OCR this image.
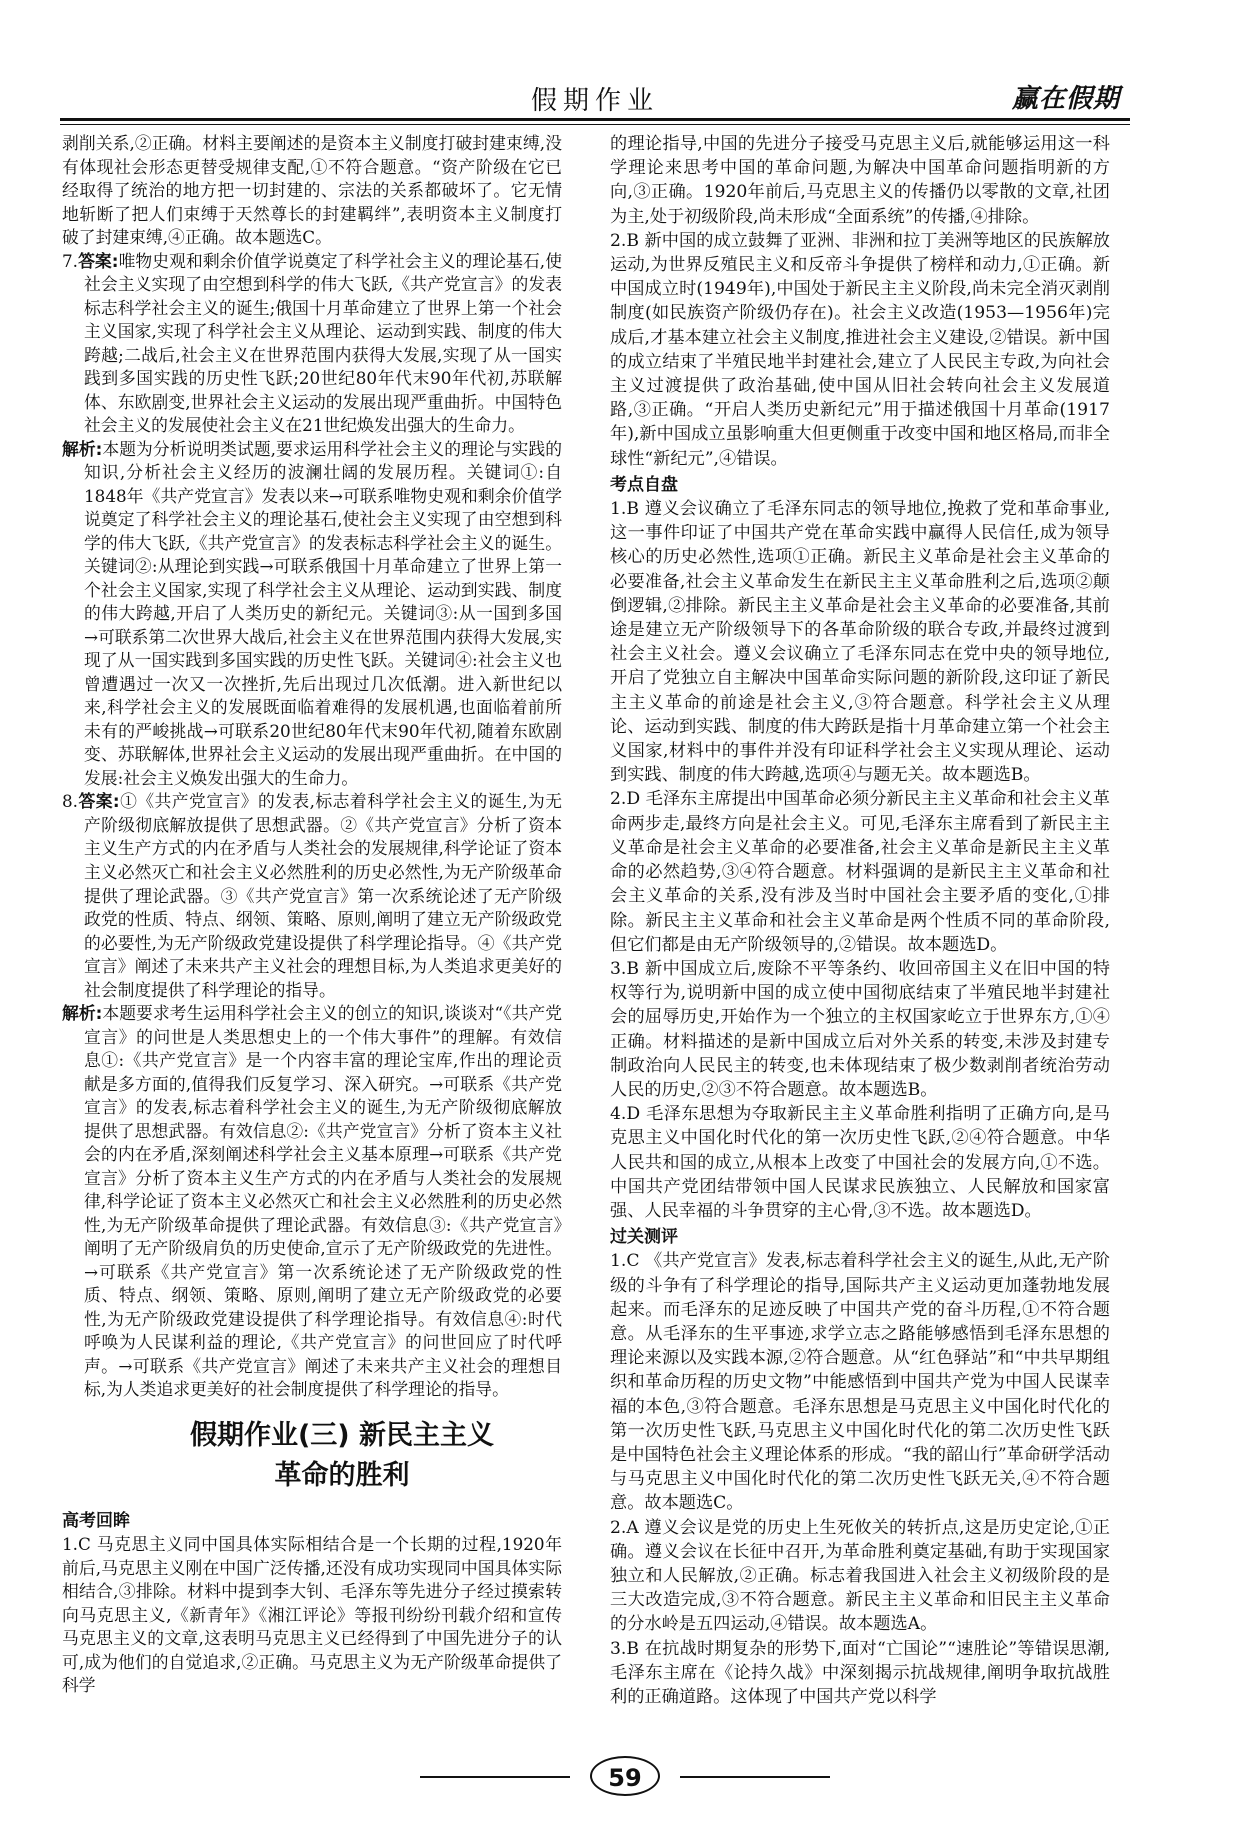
假期作业	赢在假期

剥削关系,②正确。材料主要阐述的是资本主义制度打破封建束缚,没有体现社会形态更替受规律支配,①不符合题意。“资产阶级在它已经取得了统治的地方把一切封建的、宗法的关系都破坏了。它无情地斩断了把人们束缚于天然尊长的封建羁绊”,表明资本主义制度打破了封建束缚,④正确。故本题选C。

7.答案:唯物史观和剩余价值学说奠定了科学社会主义的理论基石,使社会主义实现了由空想到科学的伟大飞跃,《共产党宣言》的发表标志科学社会主义的诞生;俄国十月革命建立了世界上第一个社会主义国家,实现了科学社会主义从理论、运动到实践、制度的伟大跨越;二战后,社会主义在世界范围内获得大发展,实现了从一国实践到多国实践的历史性飞跃;20世纪80年代末90年代初,苏联解体、东欧剧变,世界社会主义运动的发展出现严重曲折。中国特色社会主义的发展使社会主义在21世纪焕发出强大的生命力。
解析:本题为分析说明类试题,要求运用科学社会主义的理论与实践的知识,分析社会主义经历的波澜壮阔的发展历程。关键词①:自1848年《共产党宣言》发表以来→可联系唯物史观和剩余价值学说奠定了科学社会主义的理论基石,使社会主义实现了由空想到科学的伟大飞跃,《共产党宣言》的发表标志科学社会主义的诞生。关键词②:从理论到实践→可联系俄国十月革命建立了世界上第一个社会主义国家,实现了科学社会主义从理论、运动到实践、制度的伟大跨越,开启了人类历史的新纪元。关键词③:从一国到多国→可联系第二次世界大战后,社会主义在世界范围内获得大发展,实现了从一国实践到多国实践的历史性飞跃。关键词④:社会主义也曾遭遇过一次又一次挫折,先后出现过几次低潮。进入新世纪以来,科学社会主义的发展既面临着难得的发展机遇,也面临着前所未有的严峻挑战→可联系20世纪80年代末90年代初,随着东欧剧变、苏联解体,世界社会主义运动的发展出现严重曲折。在中国的发展:社会主义焕发出强大的生命力。
8.答案:①《共产党宣言》的发表,标志着科学社会主义的诞生,为无产阶级彻底解放提供了思想武器。②《共产党宣言》分析了资本主义生产方式的内在矛盾与人类社会的发展规律,科学论证了资本主义必然灭亡和社会主义必然胜利的历史必然性,为无产阶级革命提供了理论武器。③《共产党宣言》第一次系统论述了无产阶级政党的性质、特点、纲领、策略、原则,阐明了建立无产阶级政党的必要性,为无产阶级政党建设提供了科学理论指导。④《共产党宣言》阐述了未来共产主义社会的理想目标,为人类追求更美好的社会制度提供了科学理论的指导。
解析:本题要求考生运用科学社会主义的创立的知识,谈谈对“《共产党宣言》的问世是人类思想史上的一个伟大事件”的理解。有效信息①:《共产党宣言》是一个内容丰富的理论宝库,作出的理论贡献是多方面的,值得我们反复学习、深入研究。→可联系《共产党宣言》的发表,标志着科学社会主义的诞生,为无产阶级彻底解放提供了思想武器。有效信息②:《共产党宣言》分析了资本主义社会的内在矛盾,深刻阐述科学社会主义基本原理→可联系《共产党宣言》分析了资本主义生产方式的内在矛盾与人类社会的发展规律,科学论证了资本主义必然灭亡和社会主义必然胜利的历史必然性,为无产阶级革命提供了理论武器。有效信息③:《共产党宣言》阐明了无产阶级肩负的历史使命,宣示了无产阶级政党的先进性。→可联系《共产党宣言》第一次系统论述了无产阶级政党的性质、特点、纲领、策略、原则,阐明了建立无产阶级政党的必要性,为无产阶级政党建设提供了科学理论指导。有效信息④:时代呼唤为人民谋利益的理论,《共产党宣言》的问世回应了时代呼声。→可联系《共产党宣言》阐述了未来共产主义社会的理想目标,为人类追求更美好的社会制度提供了科学理论的指导。
假期作业(三) 新民主主义
革命的胜利
高考回眸

1.C 马克思主义同中国具体实际相结合是一个长期的过程,1920年前后,马克思主义刚在中国广泛传播,还没有成功实现同中国具体实际相结合,③排除。材料中提到李大钊、毛泽东等先进分子经过摸索转向马克思主义,《新青年》《湘江评论》等报刊纷纷刊载介绍和宣传马克思主义的文章,这表明马克思主义已经得到了中国先进分子的认可,成为他们的自觉追求,②正确。马克思主义为无产阶级革命提供了科学

的理论指导,中国的先进分子接受马克思主义后,就能够运用这一科学理论来思考中国的革命问题,为解决中国革命问题指明新的方向,③正确。1920年前后,马克思主义的传播仍以零散的文章,社团为主,处于初级阶段,尚未形成“全面系统”的传播,④排除。

2.B 新中国的成立鼓舞了亚洲、非洲和拉丁美洲等地区的民族解放运动,为世界反殖民主义和反帝斗争提供了榜样和动力,①正确。新中国成立时(1949年),中国处于新民主主义阶段,尚未完全消灭剥削制度(如民族资产阶级仍存在)。社会主义改造(1953—1956年)完成后,才基本建立社会主义制度,推进社会主义建设,②错误。新中国的成立结束了半殖民地半封建社会,建立了人民民主专政,为向社会主义过渡提供了政治基础,使中国从旧社会转向社会主义发展道路,③正确。“开启人类历史新纪元”用于描述俄国十月革命(1917年),新中国成立虽影响重大但更侧重于改变中国和地区格局,而非全球性“新纪元”,④错误。

考点自盘

1.B 遵义会议确立了毛泽东同志的领导地位,挽救了党和革命事业,这一事件印证了中国共产党在革命实践中赢得人民信任,成为领导核心的历史必然性,选项①正确。新民主义革命是社会主义革命的必要准备,社会主义革命发生在新民主主义革命胜利之后,选项②颠倒逻辑,②排除。新民主主义革命是社会主义革命的必要准备,其前途是建立无产阶级领导下的各革命阶级的联合专政,并最终过渡到社会主义社会。遵义会议确立了毛泽东同志在党中央的领导地位,开启了党独立自主解决中国革命实际问题的新阶段,这印证了新民主主义革命的前途是社会主义,③符合题意。科学社会主义从理论、运动到实践、制度的伟大跨跃是指十月革命建立第一个社会主义国家,材料中的事件并没有印证科学社会主义实现从理论、运动到实践、制度的伟大跨越,选项④与题无关。故本题选B。

2.D 毛泽东主席提出中国革命必须分新民主主义革命和社会主义革命两步走,最终方向是社会主义。可见,毛泽东主席看到了新民主主义革命是社会主义革命的必要准备,社会主义革命是新民主主义革命的必然趋势,③④符合题意。材料强调的是新民主主义革命和社会主义革命的关系,没有涉及当时中国社会主要矛盾的变化,①排除。新民主主义革命和社会主义革命是两个性质不同的革命阶段,但它们都是由无产阶级领导的,②错误。故本题选D。

3.B 新中国成立后,废除不平等条约、收回帝国主义在旧中国的特权等行为,说明新中国的成立使中国彻底结束了半殖民地半封建社会的屈辱历史,开始作为一个独立的主权国家屹立于世界东方,①④正确。材料描述的是新中国成立后对外关系的转变,未涉及封建专制政治向人民民主的转变,也未体现结束了极少数剥削者统治劳动人民的历史,②③不符合题意。故本题选B。

4.D 毛泽东思想为夺取新民主主义革命胜利指明了正确方向,是马克思主义中国化时代化的第一次历史性飞跃,②④符合题意。中华人民共和国的成立,从根本上改变了中国社会的发展方向,①不选。中国共产党团结带领中国人民谋求民族独立、人民解放和国家富强、人民幸福的斗争贯穿的主心骨,③不选。故本题选D。

过关测评

1.C 《共产党宣言》发表,标志着科学社会主义的诞生,从此,无产阶级的斗争有了科学理论的指导,国际共产主义运动更加蓬勃地发展起来。而毛泽东的足迹反映了中国共产党的奋斗历程,①不符合题意。从毛泽东的生平事迹,求学立志之路能够感悟到毛泽东思想的理论来源以及实践本源,②符合题意。从“红色驿站”和“中共早期组织和革命历程的历史文物”中能感悟到中国共产党为中国人民谋幸福的本色,③符合题意。毛泽东思想是马克思主义中国化时代化的第一次历史性飞跃,马克思主义中国化时代化的第二次历史性飞跃是中国特色社会主义理论体系的形成。“我的韶山行”革命研学活动与马克思主义中国化时代化的第二次历史性飞跃无关,④不符合题意。故本题选C。

2.A 遵义会议是党的历史上生死攸关的转折点,这是历史定论,①正确。遵义会议在长征中召开,为革命胜利奠定基础,有助于实现国家独立和人民解放,②正确。标志着我国进入社会主义初级阶段的是三大改造完成,③不符合题意。新民主主义革命和旧民主主义革命的分水岭是五四运动,④错误。故本题选A。

3.B 在抗战时期复杂的形势下,面对“亡国论”“速胜论”等错误思潮,毛泽东主席在《论持久战》中深刻揭示抗战规律,阐明争取抗战胜利的正确道路。这体现了中国共产党以科学

59
